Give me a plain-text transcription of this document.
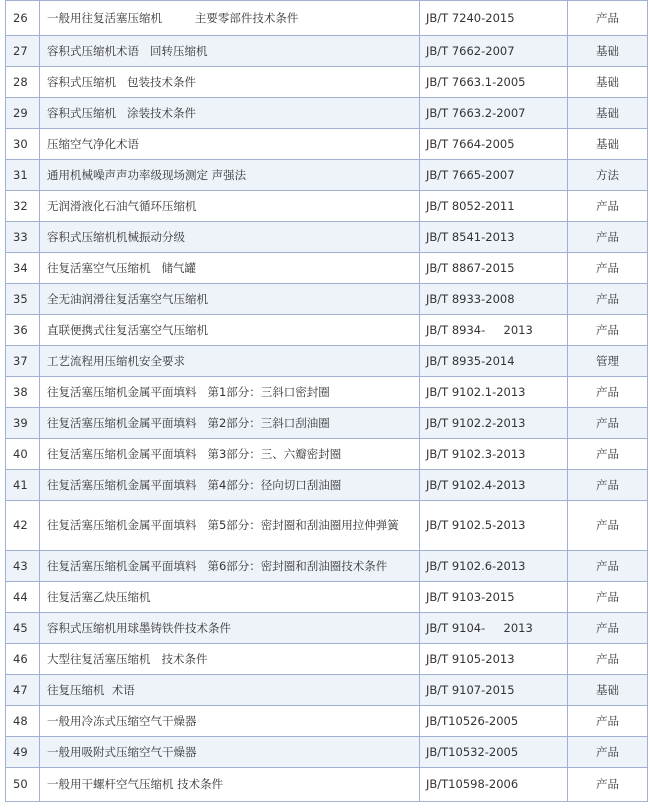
26	一般用往复活塞压缩机         主要零部件技术条件	JB/T 7240-2015	产品
27	容积式压缩机术语   回转压缩机	JB/T 7662-2007	基础
28	容积式压缩机   包装技术条件	JB/T 7663.1-2005	基础
29	容积式压缩机   涂装技术条件	JB/T 7663.2-2007	基础
30	压缩空气净化术语	JB/T 7664-2005	基础
31	通用机械噪声声功率级现场测定 声强法	JB/T 7665-2007	方法
32	无润滑液化石油气循环压缩机	JB/T 8052-2011	产品
33	容积式压缩机机械振动分级	JB/T 8541-2013	产品
34	往复活塞空气压缩机   储气罐	JB/T 8867-2015	产品
35	全无油润滑往复活塞空气压缩机	JB/T 8933-2008	产品
36	直联便携式往复活塞空气压缩机	JB/T 8934-     2013	产品
37	工艺流程用压缩机安全要求	JB/T 8935-2014	管理
38	往复活塞压缩机金属平面填料   第1部分：三斜口密封圈	JB/T 9102.1-2013	产品
39	往复活塞压缩机金属平面填料   第2部分：三斜口刮油圈	JB/T 9102.2-2013	产品
40	往复活塞压缩机金属平面填料   第3部分：三、六瓣密封圈	JB/T 9102.3-2013	产品
41	往复活塞压缩机金属平面填料   第4部分：径向切口刮油圈	JB/T 9102.4-2013	产品
42	往复活塞压缩机金属平面填料   第5部分：密封圈和刮油圈用拉伸弹簧	JB/T 9102.5-2013	产品
43	往复活塞压缩机金属平面填料   第6部分：密封圈和刮油圈技术条件	JB/T 9102.6-2013	产品
44	往复活塞乙炔压缩机	JB/T 9103-2015	产品
45	容积式压缩机用球墨铸铁件技术条件	JB/T 9104-     2013	产品
46	大型往复活塞压缩机   技术条件	JB/T 9105-2013	产品
47	往复压缩机  术语	JB/T 9107-2015	基础
48	一般用冷冻式压缩空气干燥器	JB/T10526-2005	产品
49	一般用吸附式压缩空气干燥器	JB/T10532-2005	产品
50	一般用干螺杆空气压缩机 技术条件	JB/T10598-2006	产品
